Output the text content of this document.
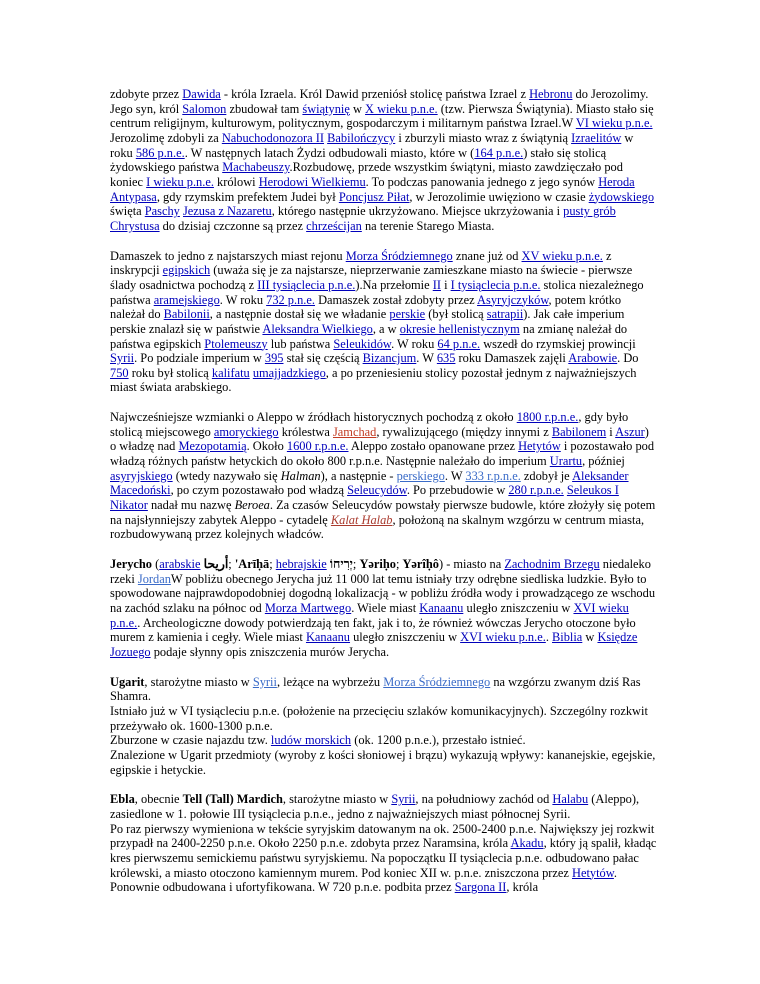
zdobyte przez Dawida - króla Izraela. Król Dawid przeniósł stolicę państwa Izrael z Hebronu do Jerozolimy. Jego syn, król Salomon zbudował tam świątynię w X wieku p.n.e. (tzw. Pierwsza Świątynia). Miasto stało się centrum religijnym, kulturowym, politycznym, gospodarczym i militarnym państwa Izrael.W VI wieku p.n.e. Jerozolimę zdobyli za Nabuchodonozora II Babilończycy i zburzyli miasto wraz z świątynią Izraelitów w roku 586 p.n.e.. W następnych latach Żydzi odbudowali miasto, które w (164 p.n.e.) stało się stolicą żydowskiego państwa Machabeuszy.Rozbudowę, przede wszystkim świątyni, miasto zawdzięczało pod koniec I wieku p.n.e. królowi Herodowi Wielkiemu. To podczas panowania jednego z jego synów Heroda Antypasa, gdy rzymskim prefektem Judei był Poncjusz Piłat, w Jerozolimie uwięziono w czasie żydowskiego święta Paschy Jezusa z Nazaretu, którego następnie ukrzyżowano. Miejsce ukrzyżowania i pusty grób Chrystusa do dzisiaj czczonne są przez chrześcijan na terenie Starego Miasta.

Damaszek to jedno z najstarszych miast rejonu Morza Śródziemnego znane już od XV wieku p.n.e. z inskrypcji egipskich (uważa się je za najstarsze, nieprzerwanie zamieszkane miasto na świecie - pierwsze ślady osadnictwa pochodzą z III tysiąclecia p.n.e.).Na przełomie II i I tysiąclecia p.n.e. stolica niezależnego państwa aramejskiego. W roku 732 p.n.e. Damaszek został zdobyty przez Asyryjczyków, potem krótko należał do Babilonii, a następnie dostał się we władanie perskie (był stolicą satrapii). Jak całe imperium perskie znalazł się w państwie Aleksandra Wielkiego, a w okresie hellenistycznym na zmianę należał do państwa egipskich Ptolemeuszy lub państwa Seleukidów. W roku 64 p.n.e. wszedł do rzymskiej prowincji Syrii. Po podziale imperium w 395 stał się częścią Bizancjum. W 635 roku Damaszek zajęli Arabowie. Do 750 roku był stolicą kalifatu umajjadzkiego, a po przeniesieniu stolicy pozostał jednym z najważniejszych miast świata arabskiego.

Najwcześniejsze wzmianki o Aleppo w źródłach historycznych pochodzą z około 1800 r.p.n.e., gdy było stolicą miejscowego amoryckiego królestwa Jamchad, rywalizującego (między innymi z Babilonem i Aszur) o władzę nad Mezopotamią. Około 1600 r.p.n.e. Aleppo zostało opanowane przez Hetytów i pozostawało pod władzą różnych państw hetyckich do około 800 r.p.n.e. Następnie należało do imperium Urartu, później asyryjskiego (wtedy nazywało się Halman), a następnie - perskiego. W 333 r.p.n.e. zdobył je Aleksander Macedoński, po czym pozostawało pod władzą Seleucydów. Po przebudowie w 280 r.p.n.e. Seleukos I Nikator nadał mu nazwę Beroea. Za czasów Seleucydów powstały pierwsze budowle, które złożyły się potem na najsłynniejszy zabytek Aleppo - cytadelę Kalat Halab, położoną na skalnym wzgórzu w centrum miasta, rozbudowywaną przez kolejnych władców.

Jerycho (arabskie أريحا; 'Arīḥā; hebrajskie יְרִיחוֹ; Yəriḥo; Yərîḥô) - miasto na Zachodnim Brzegu niedaleko rzeki JordanW pobliżu obecnego Jerycha już 11 000 lat temu istniały trzy odrębne siedliska ludzkie. Było to spowodowane najprawdopodobniej dogodną lokalizacją - w pobliżu źródła wody i prowadzącego ze wschodu na zachód szlaku na północ od Morza Martwego. Wiele miast Kanaanu uległo zniszczeniu w XVI wieku p.n.e.. Archeologiczne dowody potwierdzają ten fakt, jak i to, że również wówczas Jerycho otoczone było murem z kamienia i cegły. Wiele miast Kanaanu uległo zniszczeniu w XVI wieku p.n.e.. Biblia w Księdze Jozuego podaje słynny opis zniszczenia murów Jerycha.

Ugarit, starożytne miasto w Syrii, leżące na wybrzeżu Morza Śródziemnego na wzgórzu zwanym dziś Ras Shamra.
Istniało już w VI tysiącleciu p.n.e. (położenie na przecięciu szlaków komunikacyjnych). Szczególny rozkwit przeżywało ok. 1600-1300 p.n.e.
Zburzone w czasie najazdu tzw. ludów morskich (ok. 1200 p.n.e.), przestało istnieć.
Znalezione w Ugarit przedmioty (wyroby z kości słoniowej i brązu) wykazują wpływy: kananejskie, egejskie, egipskie i hetyckie.

Ebla, obecnie Tell (Tall) Mardich, starożytne miasto w Syrii, na południowy zachód od Halabu (Aleppo), zasiedlone w 1. połowie III tysiąclecia p.n.e., jedno z najważniejszych miast północnej Syrii.
Po raz pierwszy wymieniona w tekście syryjskim datowanym na ok. 2500-2400 p.n.e. Największy jej rozkwit przypadł na 2400-2250 p.n.e. Około 2250 p.n.e. zdobyta przez Naramsina, króla Akadu, który ją spalił, kładąc kres pierwszemu semickiemu państwu syryjskiemu. Na popoczątku II tysiąclecia p.n.e. odbudowano pałac królewski, a miasto otoczono kamiennym murem. Pod koniec XII w. p.n.e. zniszczona przez Hetytów. Ponownie odbudowana i ufortyfikowana. W 720 p.n.e. podbita przez Sargona II, króla
